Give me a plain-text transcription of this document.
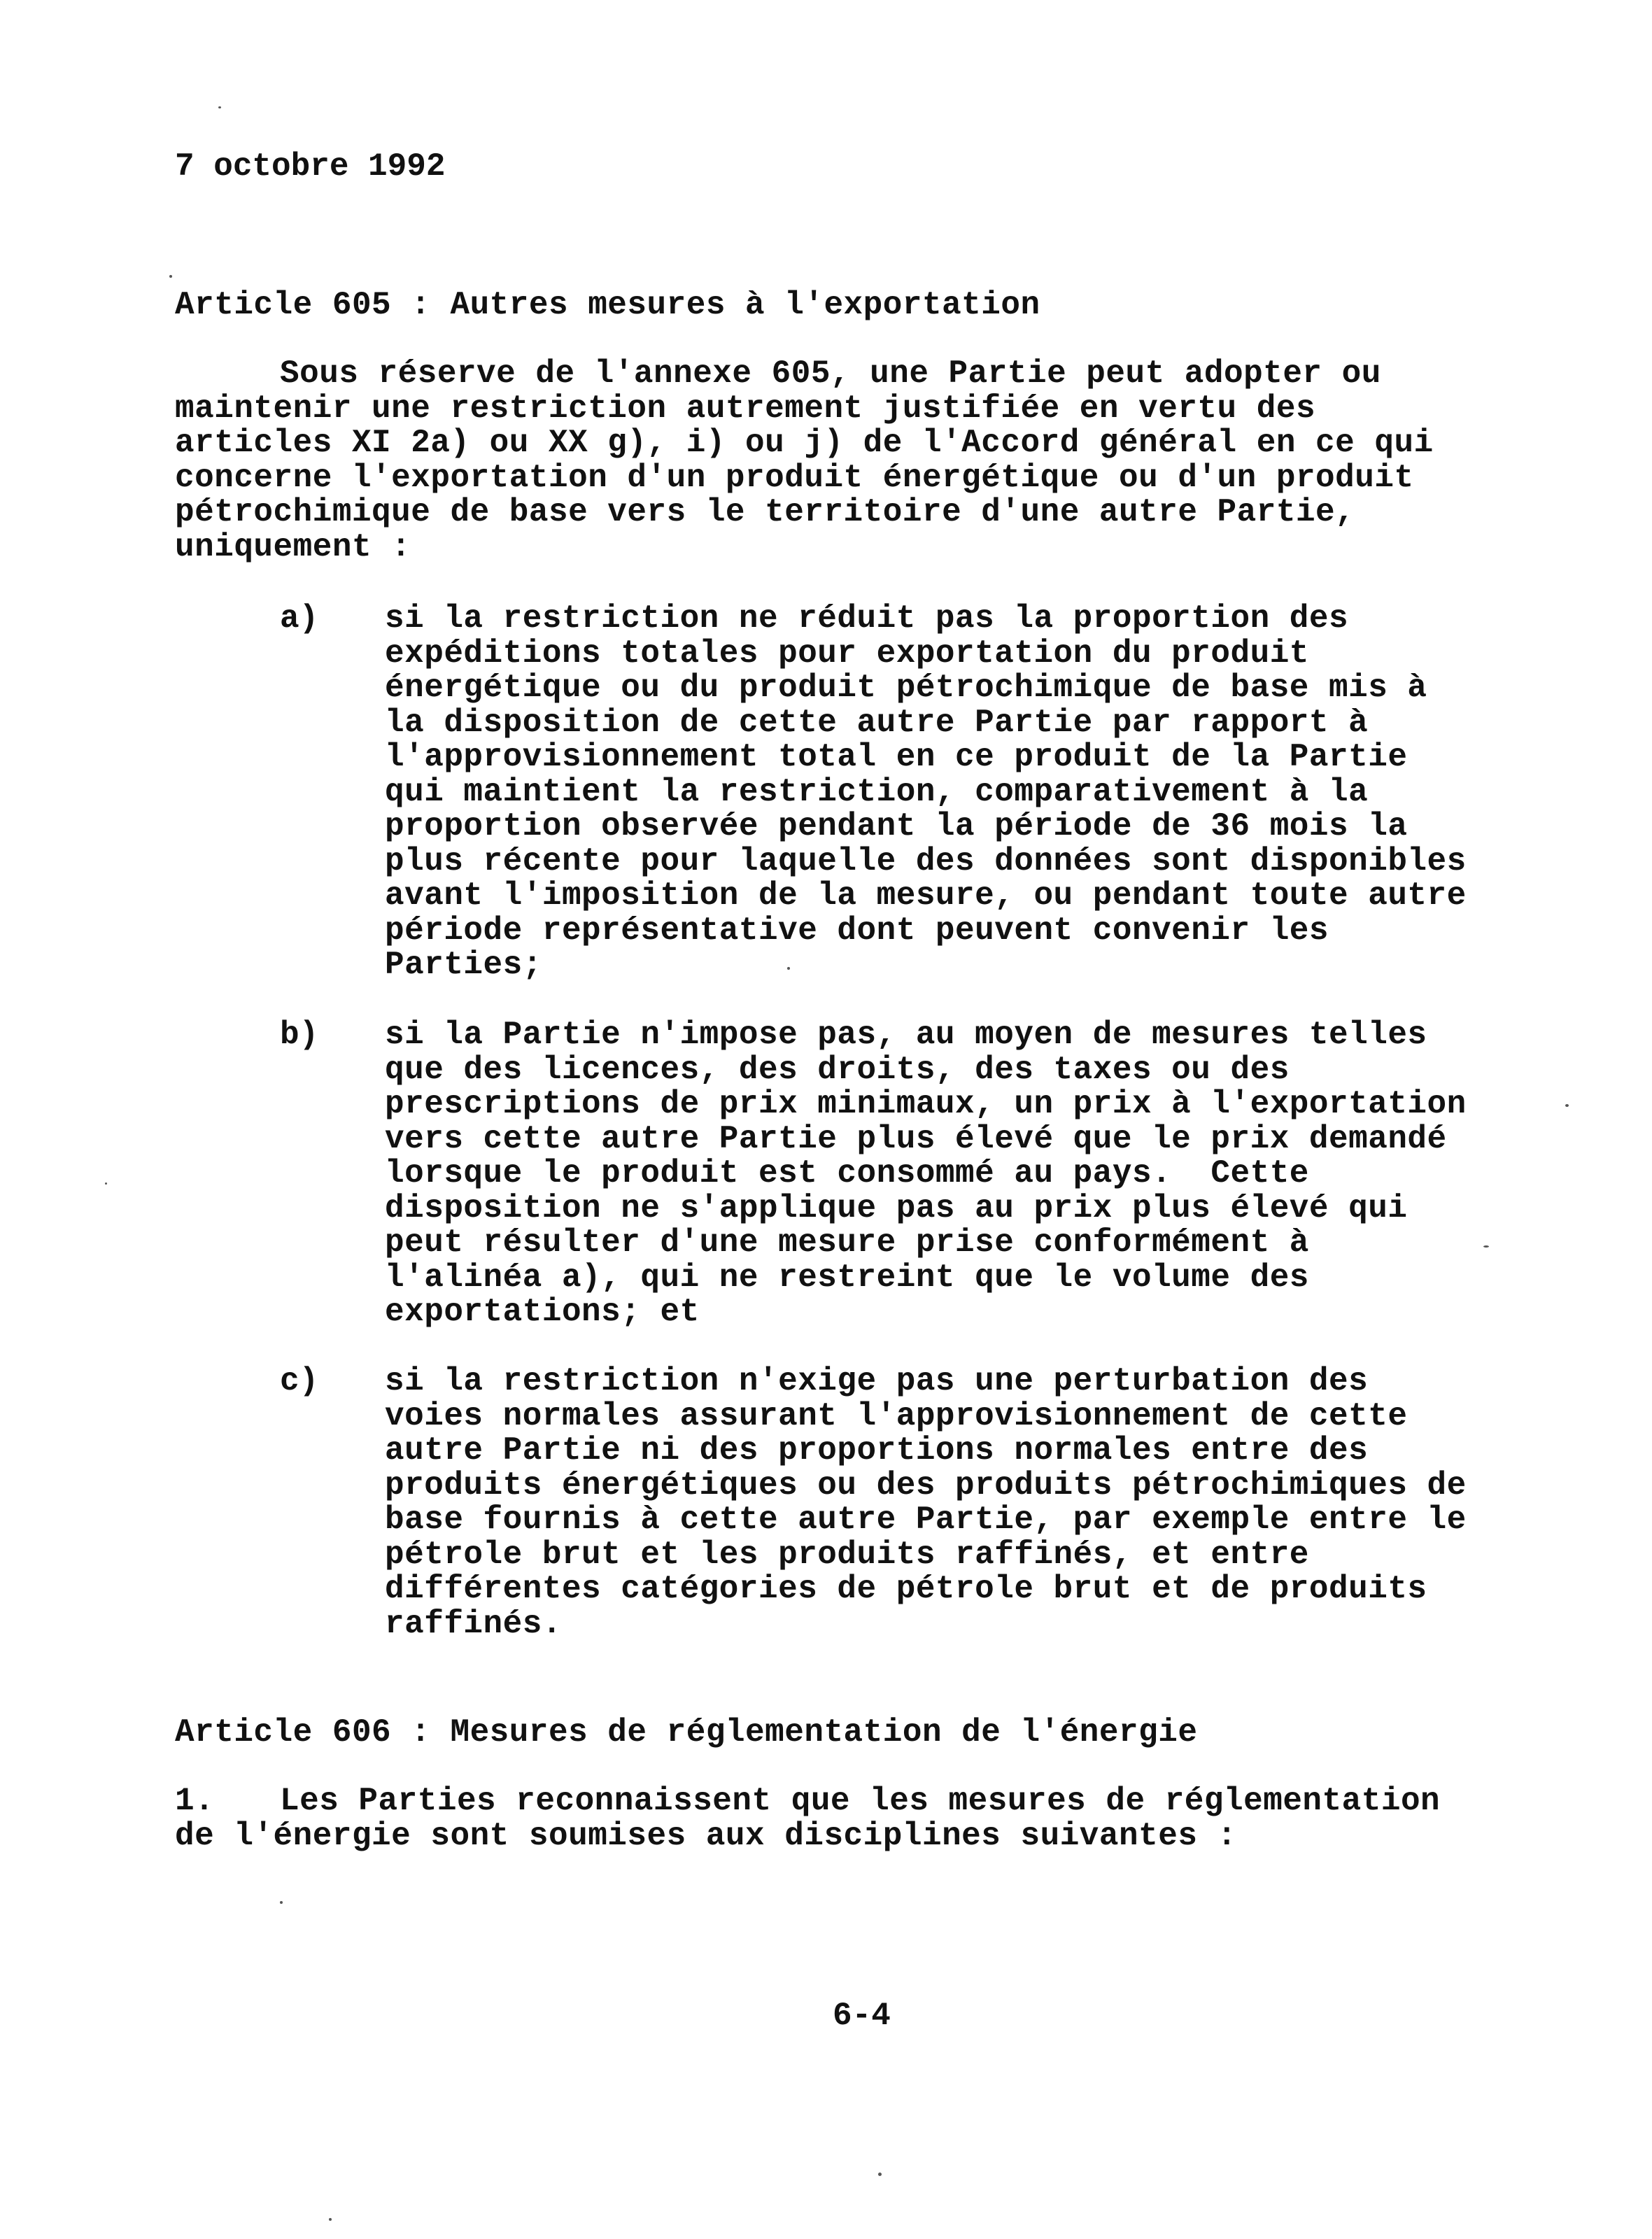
7 octobre 1992

Article 605 : Autres mesures à l'exportation

Sous réserve de l'annexe 605, une Partie peut adopter ou

maintenir une restriction autrement justifiée en vertu des

articles XI 2a) ou XX g), i) ou j) de l'Accord général en ce qui

concerne l'exportation d'un produit énergétique ou d'un produit

pétrochimique de base vers le territoire d'une autre Partie,

uniquement :

a) si la restriction ne réduit pas la proportion des

expéditions totales pour exportation du produit

énergétique ou du produit pétrochimique de base mis à

la disposition de cette autre Partie par rapport à

l'approvisionnement total en ce produit de la Partie

qui maintient la restriction, comparativement à la

proportion observée pendant la période de 36 mois la

plus récente pour laquelle des données sont disponibles

avant l'imposition de la mesure, ou pendant toute autre

période représentative dont peuvent convenir les

Parties;

b) si la Partie n'impose pas, au moyen de mesures telles

que des licences, des droits, des taxes ou des

prescriptions de prix minimaux, un prix à l'exportation

vers cette autre Partie plus élevé que le prix demandé

lorsque le produit est consommé au pays.  Cette

disposition ne s'applique pas au prix plus élevé qui

peut résulter d'une mesure prise conformément à

l'alinéa a), qui ne restreint que le volume des

exportations; et

c) si la restriction n'exige pas une perturbation des

voies normales assurant l'approvisionnement de cette

autre Partie ni des proportions normales entre des

produits énergétiques ou des produits pétrochimiques de

base fournis à cette autre Partie, par exemple entre le

pétrole brut et les produits raffinés, et entre

différentes catégories de pétrole brut et de produits

raffinés.

Article 606 : Mesures de réglementation de l'énergie

1. Les Parties reconnaissent que les mesures de réglementation

de l'énergie sont soumises aux disciplines suivantes :

6-4
